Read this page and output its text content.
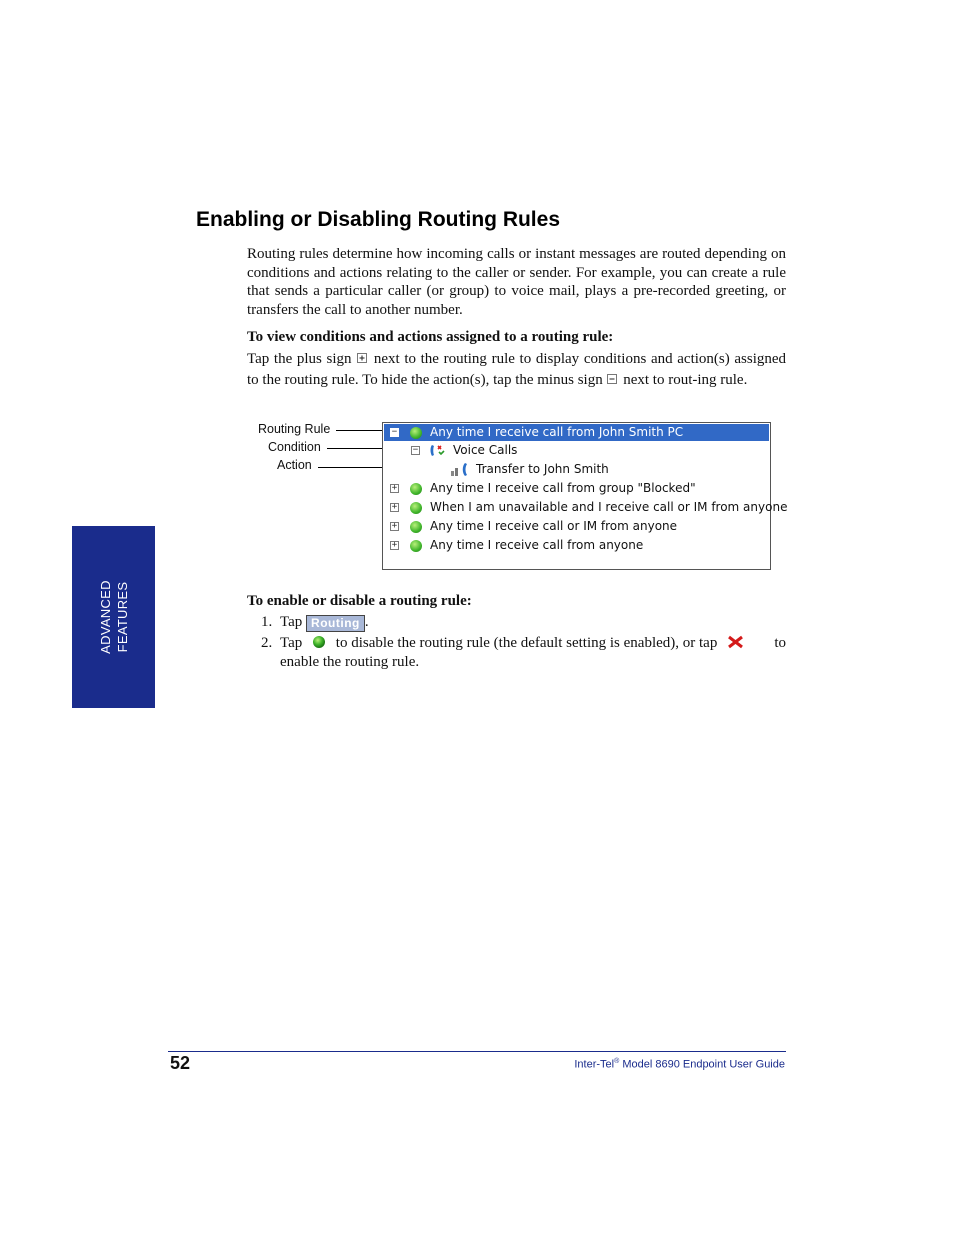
Enabling or Disabling Routing Rules
Routing rules determine how incoming calls or instant messages are routed depending on conditions and actions relating to the caller or sender. For example, you can create a rule that sends a particular caller (or group) to voice mail, plays a pre-recorded greeting, or transfers the call to another number.
To view conditions and actions assigned to a routing rule:
Tap the plus sign next to the routing rule to display conditions and action(s) assigned to the routing rule. To hide the action(s), tap the minus sign next to rout-ing rule.
Routing Rule
Condition
Action
−	Any time I receive call from John Smith PC
−	Voice Calls
Transfer to John Smith
+	Any time I receive call from group "Blocked"
+	When I am unavailable and I receive call or IM from anyone
+	Any time I receive call or IM from anyone
+	Any time I receive call from anyone
To enable or disable a routing rule:
1. Tap Routing .
2. Tap to disable the routing rule (the default setting is enabled), or tap	to
enable the routing rule.
ADVANCED FEATURES
52	Inter-Tel® Model 8690 Endpoint User Guide
